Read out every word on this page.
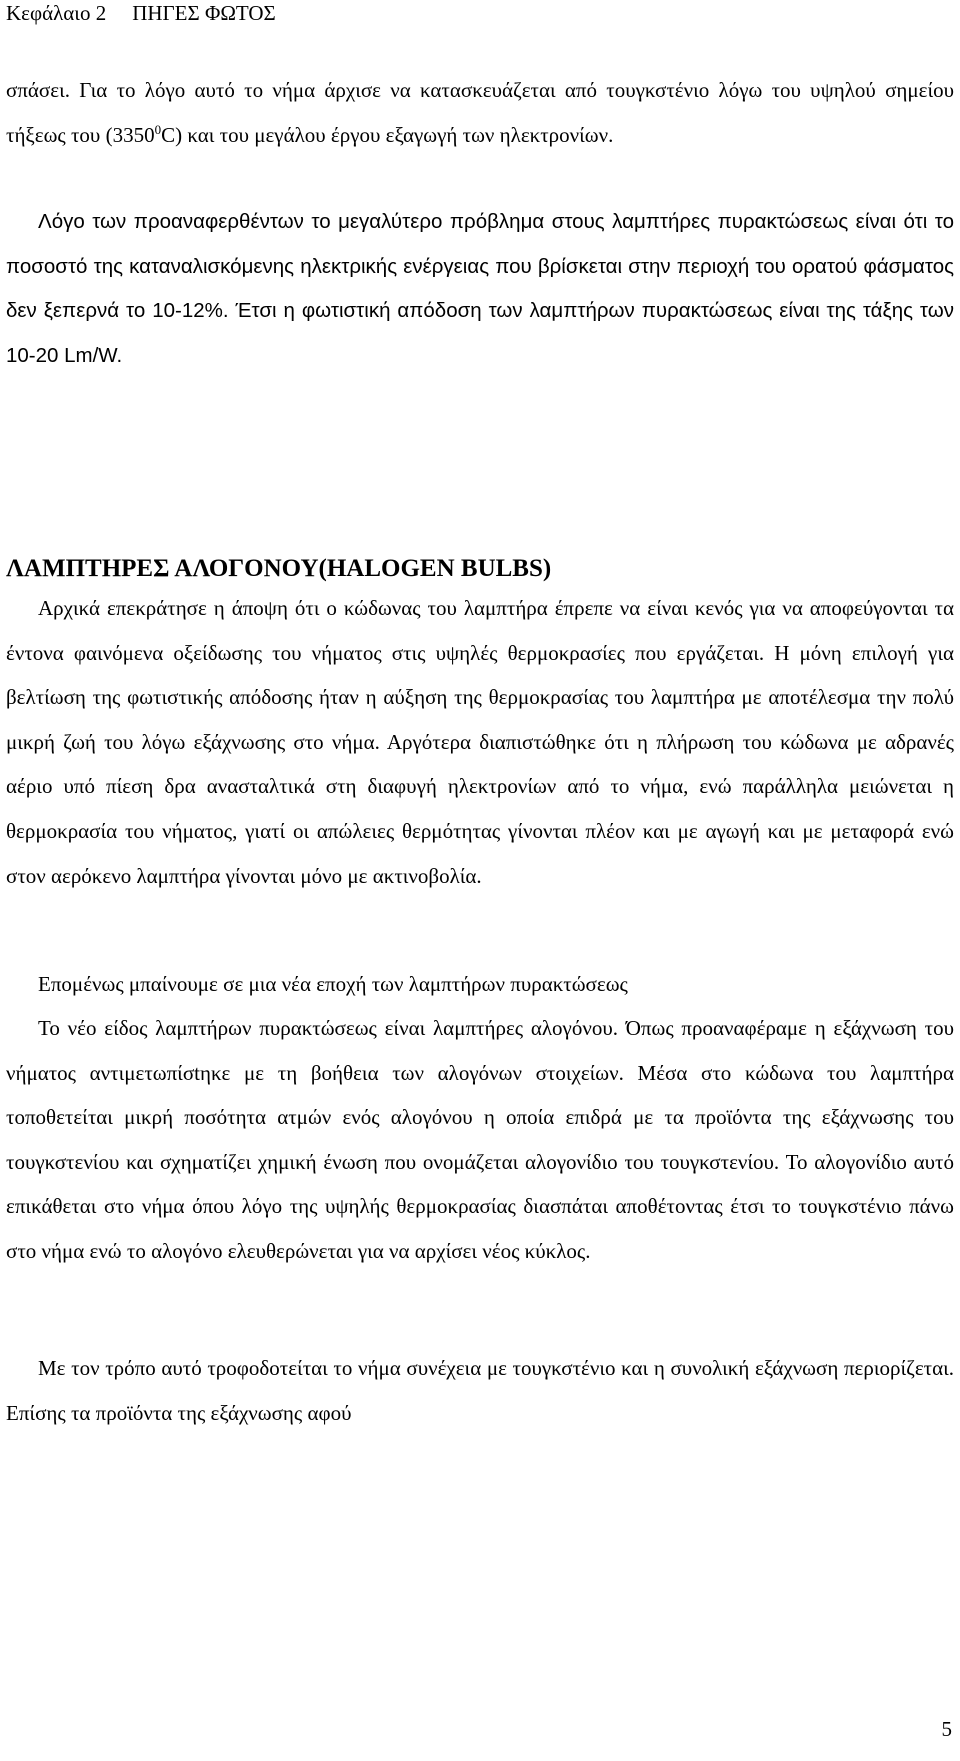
Κεφάλαιο 2 ΠΗΓΕΣ ΦΩΤΟΣ

σπάσει. Για το λόγο αυτό το νήμα άρχισε να κατασκευάζεται από τουγκστένιο λόγω του υψηλού σημείου τήξεως του (3350$^0$C) και του μεγάλου έργου εξαγωγή των ηλεκτρονίων.

Λόγο των προαναφερθέντων το μεγαλύτερο πρόβλημα στους λαμπτήρες πυρακτώσεως είναι ότι το ποσοστό της καταναλισκόμενης ηλεκτρικής ενέργειας που βρίσκεται στην περιοχή του ορατού φάσματος δεν ξεπερνά το 10-12%. Έτσι η φωτιστική απόδοση των λαμπτήρων πυρακτώσεως είναι της τάξης των 10-20 Lm/W.

ΛΑΜΠΤΗΡΕΣ ΑΛΟΓΟΝΟΥ(HALOGEN BULBS)

Αρχικά επεκράτησε η άποψη ότι ο κώδωνας του λαμπτήρα έπρεπε να είναι κενός για να αποφεύγονται τα έντονα φαινόμενα οξείδωσης του νήματος στις υψηλές θερμοκρασίες που εργάζεται. Η μόνη επιλογή για βελτίωση της φωτιστικής απόδοσης ήταν η αύξηση της θερμοκρασίας του λαμπτήρα με αποτέλεσμα την πολύ μικρή ζωή του λόγω εξάχνωσης στο νήμα. Αργότερα διαπιστώθηκε ότι η πλήρωση του κώδωνα με αδρανές αέριο υπό πίεση δρα ανασταλτικά στη διαφυγή ηλεκτρονίων από το νήμα, ενώ παράλληλα μειώνεται η θερμοκρασία του νήματος, γιατί οι απώλειες θερμότητας γίνονται πλέον και με αγωγή και με μεταφορά ενώ στον αερόκενο λαμπτήρα γίνονται μόνο με ακτινοβολία.

Επομένως μπαίνουμε σε μια νέα εποχή των λαμπτήρων πυρακτώσεως

Το νέο είδος λαμπτήρων πυρακτώσεως είναι λαμπτήρες αλογόνου. Όπως προαναφέραμε η εξάχνωση του νήματος αντιμετωπίσtηκε με τη βοήθεια των αλογόνων στοιχείων. Μέσα στο κώδωνα του λαμπτήρα τοποθετείται μικρή ποσότητα ατμών ενός αλογόνου η οποία επιδρά με τα προϊόντα της εξάχνωσης του τουγκστενίου και σχηματίζει χημική ένωση που ονομάζεται αλογονίδιο του τουγκστενίου. Το αλογονίδιο αυτό επικάθεται στο νήμα όπου λόγο της υψηλής θερμοκρασίας διασπάται αποθέτοντας έτσι το τουγκστένιο πάνω στο νήμα ενώ το αλογόνο ελευθερώνεται για να αρχίσει νέος κύκλος.

Με τον τρόπο αυτό τροφοδοτείται το νήμα συνέχεια με τουγκστένιο και η συνολική εξάχνωση περιορίζεται. Επίσης τα προϊόντα της εξάχνωσης αφού

5
